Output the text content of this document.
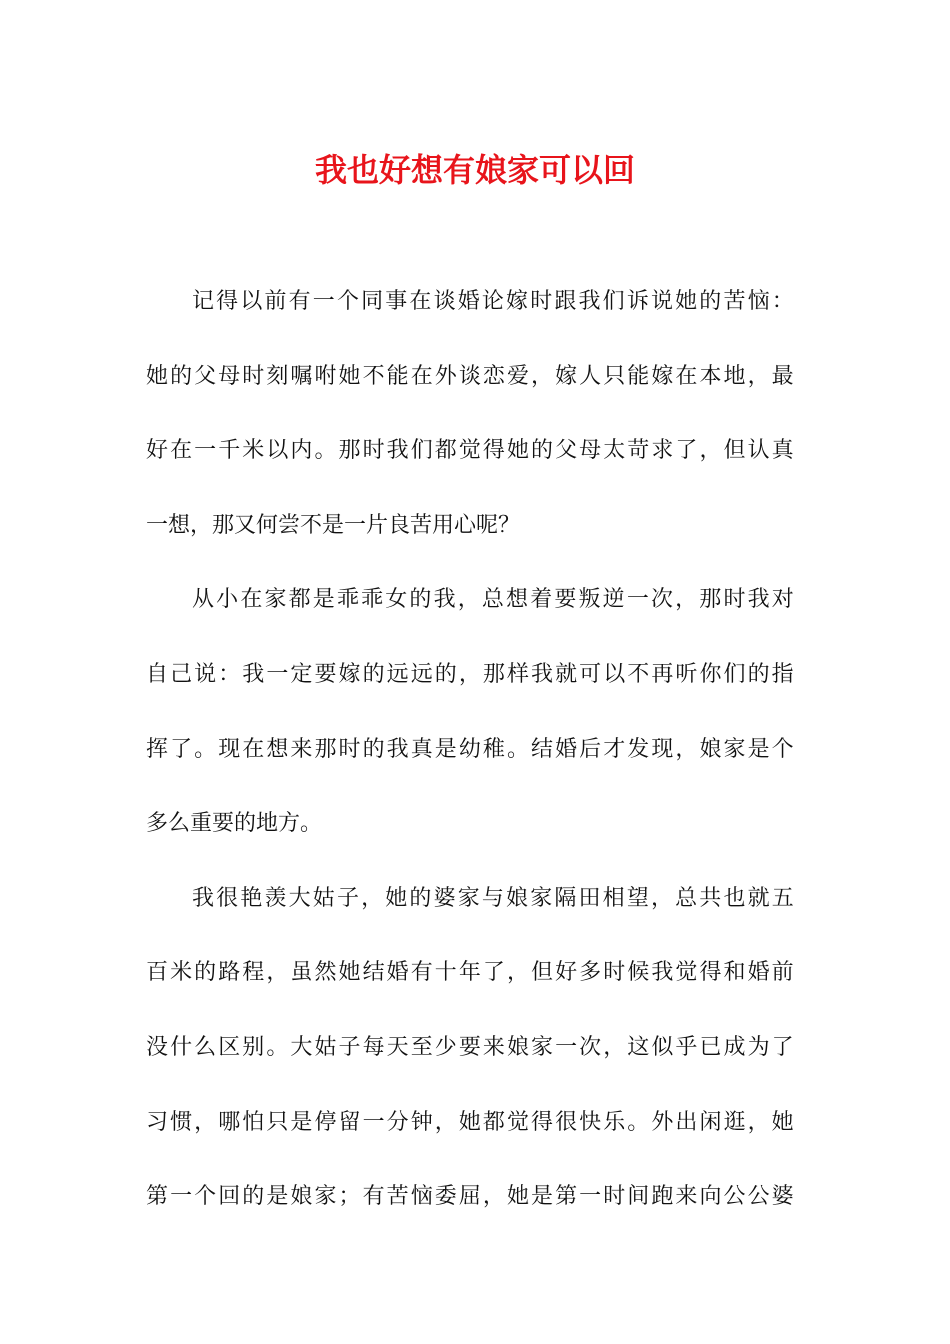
我也好想有娘家可以回
记 得 以 前 有 一 个 同 事 在 谈 婚 论 嫁 时 跟 我 们 诉 说 她 的 苦 恼 ：
她 的 父 母 时 刻 嘱 咐 她 不 能 在 外 谈 恋 爱 ， 嫁 人 只 能 嫁 在 本 地 ， 最
好 在 一 千 米 以 内 。 那 时 我 们 都 觉 得 她 的 父 母 太 苛 求 了 ， 但 认 真
一想，那又何尝不是一片良苦用心呢？
从 小 在 家 都 是 乖 乖 女 的 我 ， 总 想 着 要 叛 逆 一 次 ， 那 时 我 对
自 己 说 ： 我 一 定 要 嫁 的 远 远 的 ， 那 样 我 就 可 以 不 再 听 你 们 的 指
挥 了 。 现 在 想 来 那 时 的 我 真 是 幼 稚 。 结 婚 后 才 发 现 ， 娘 家 是 个
多么重要的地方。
我 很 艳 羡 大 姑 子 ， 她 的 婆 家 与 娘 家 隔 田 相 望 ， 总 共 也 就 五
百 米 的 路 程 ， 虽 然 她 结 婚 有 十 年 了 ， 但 好 多 时 候 我 觉 得 和 婚 前
没 什 么 区 别 。 大 姑 子 每 天 至 少 要 来 娘 家 一 次 ， 这 似 乎 已 成 为 了
习 惯 ， 哪 怕 只 是 停 留 一 分 钟 ， 她 都 觉 得 很 快 乐 。 外 出 闲 逛 ， 她
第 一 个 回 的 是 娘 家 ； 有 苦 恼 委 屈 ， 她 是 第 一 时 间 跑 来 向 公 公 婆
